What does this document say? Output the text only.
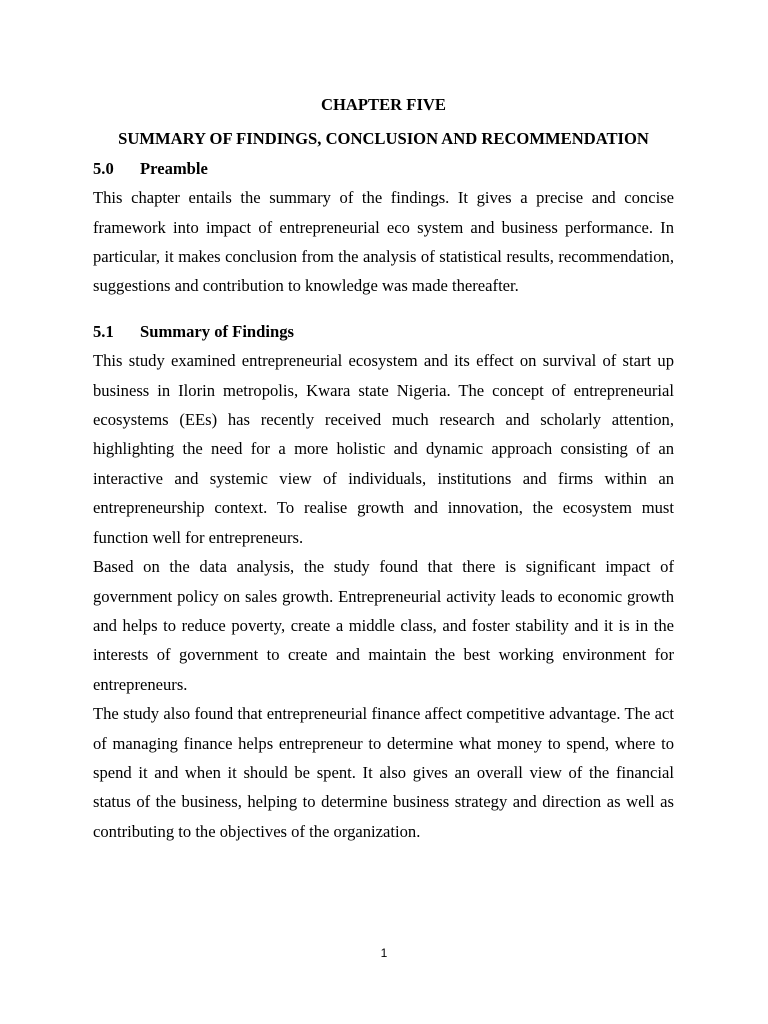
CHAPTER FIVE

SUMMARY OF FINDINGS, CONCLUSION AND RECOMMENDATION

5.0	Preamble

This chapter entails the summary of the findings. It gives a precise and concise framework into impact of entrepreneurial eco system and business performance. In particular, it makes conclusion from the analysis of statistical results, recommendation, suggestions and contribution to knowledge was made thereafter.

5.1	Summary of Findings

This study examined entrepreneurial ecosystem and its effect on survival of start up business in Ilorin metropolis, Kwara state Nigeria. The concept of entrepreneurial ecosystems (EEs) has recently received much research and scholarly attention, highlighting the need for a more holistic and dynamic approach consisting of an interactive and systemic view of individuals, institutions and firms within an entrepreneurship context. To realise growth and innovation, the ecosystem must function well for entrepreneurs.

Based on the data analysis, the study found that there is significant impact of government policy on sales growth. Entrepreneurial activity leads to economic growth and helps to reduce poverty, create a middle class, and foster stability and it is in the interests of government to create and maintain the best working environment for entrepreneurs.

The study also found that entrepreneurial finance affect competitive advantage. The act of managing finance helps entrepreneur to determine what money to spend, where to spend it and when it should be spent. It also gives an overall view of the financial status of the business, helping to determine business strategy and direction as well as contributing to the objectives of the organization.

1
